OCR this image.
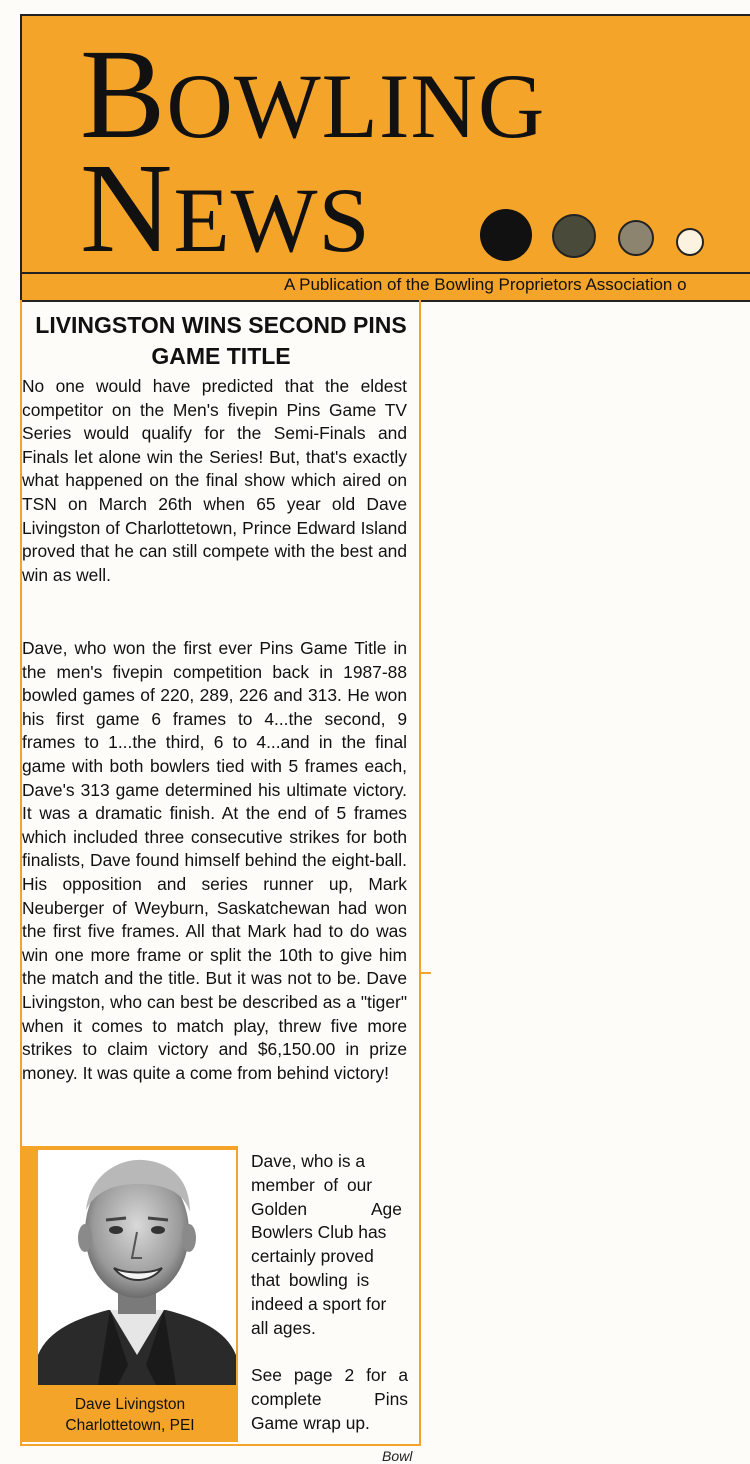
BOWLING
NEWS
A Publication of the Bowling Proprietors Association o
LIVINGSTON WINS SECOND PINS GAME TITLE

No one would have predicted that the eldest competitor on the Men's fivepin Pins Game TV Series would qualify for the Semi-Finals and Finals let alone win the Series! But, that's exactly what happened on the final show which aired on TSN on March 26th when 65 year old Dave Livingston of Charlottetown, Prince Edward Island proved that he can still compete with the best and win as well.

Dave, who won the first ever Pins Game Title in the men's fivepin competition back in 1987-88 bowled games of 220, 289, 226 and 313. He won his first game 6 frames to 4...the second, 9 frames to 1...the third, 6 to 4...and in the final game with both bowlers tied with 5 frames each, Dave's 313 game determined his ultimate victory. It was a dramatic finish. At the end of 5 frames which included three consecutive strikes for both finalists, Dave found himself behind the eight-ball. His opposition and series runner up, Mark Neuberger of Weyburn, Saskatchewan had won the first five frames. All that Mark had to do was win one more frame or split the 10th to give him the match and the title. But it was not to be. Dave Livingston, who can best be described as a "tiger" when it comes to match play, threw five more strikes to claim victory and $6,150.00 in prize money. It was quite a come from behind victory!

Dave Livingston
Charlottetown, PEI

Dave, who is a
member of our
Golden Age
Bowlers Club has
certainly proved
that bowling is
indeed a sport for
all ages.

See page 2 for a complete Pins Game wrap up.

Bowl
